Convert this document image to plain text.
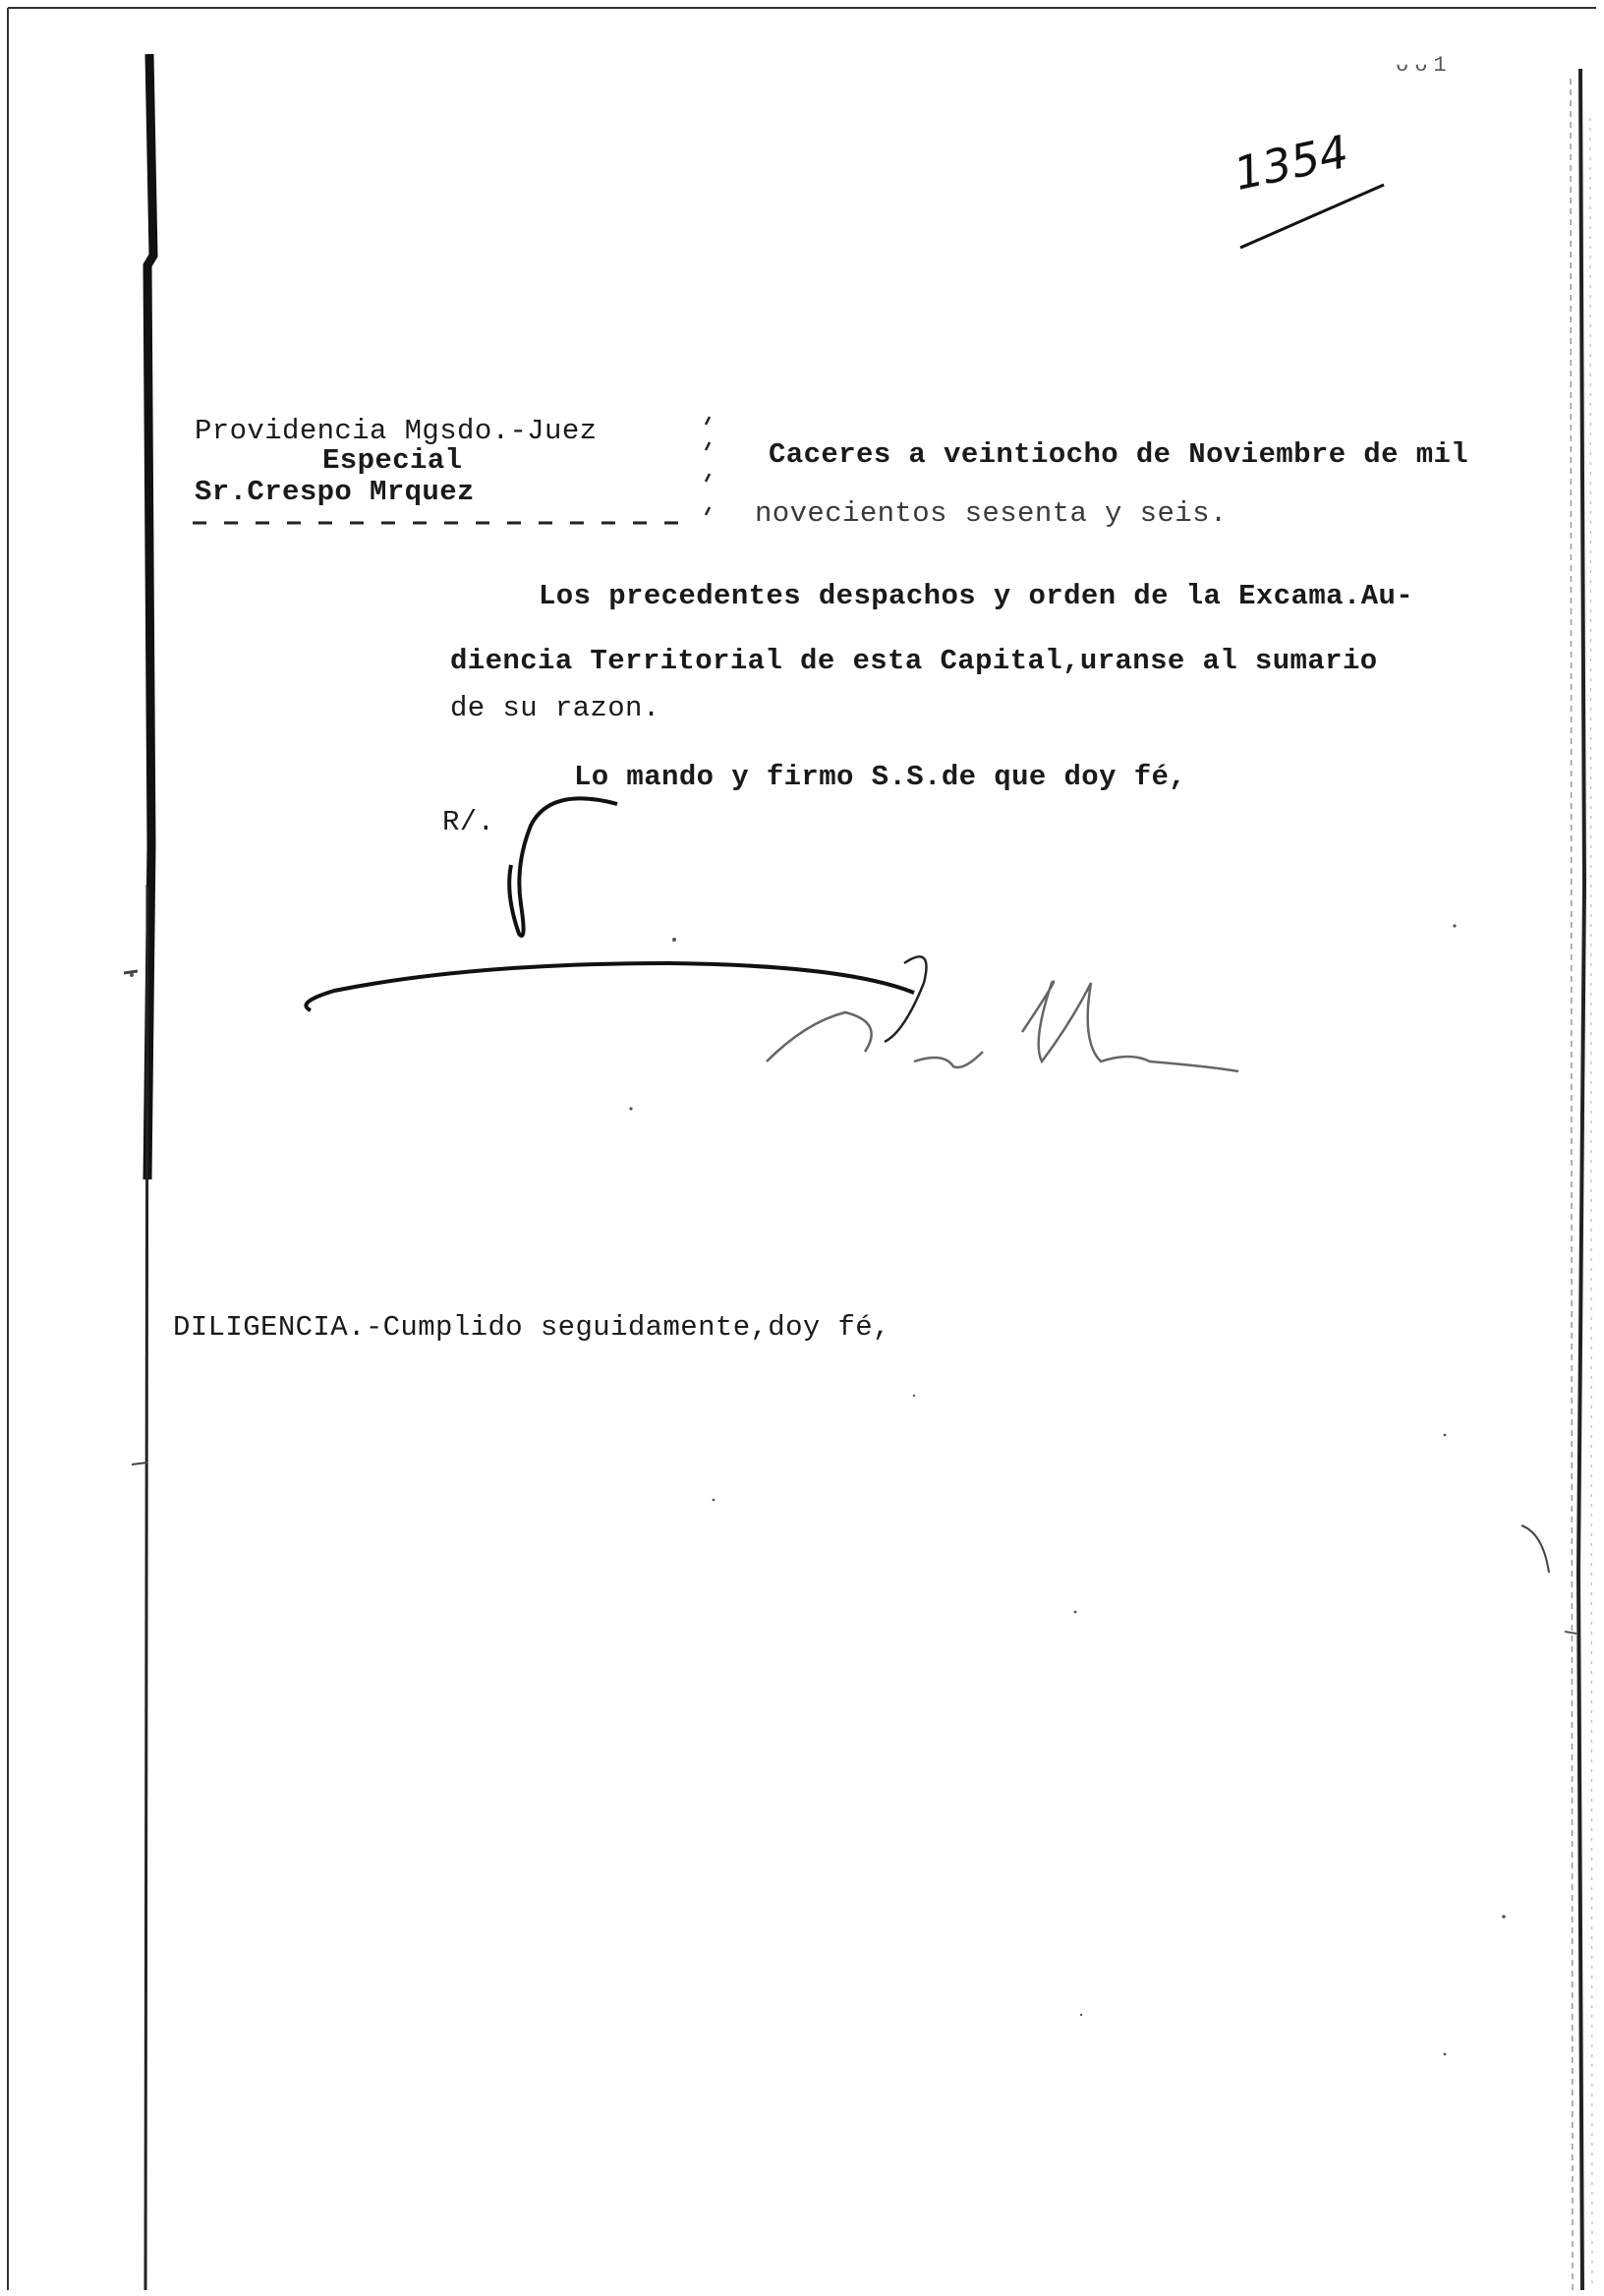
ᴗᴗ1
1354
Providencia Mgsdo.-Juez
Especial
Sr.Crespo Mrquez
Caceres a veintiocho de Noviembre de mil
novecientos sesenta y seis.
Los precedentes despachos y orden de la Excama.Au-
diencia Territorial de esta Capital,uranse al sumario
de su razon.
Lo mando y firmo S.S.de que doy fé,
R/.
DILIGENCIA.-Cumplido seguidamente,doy fé,
